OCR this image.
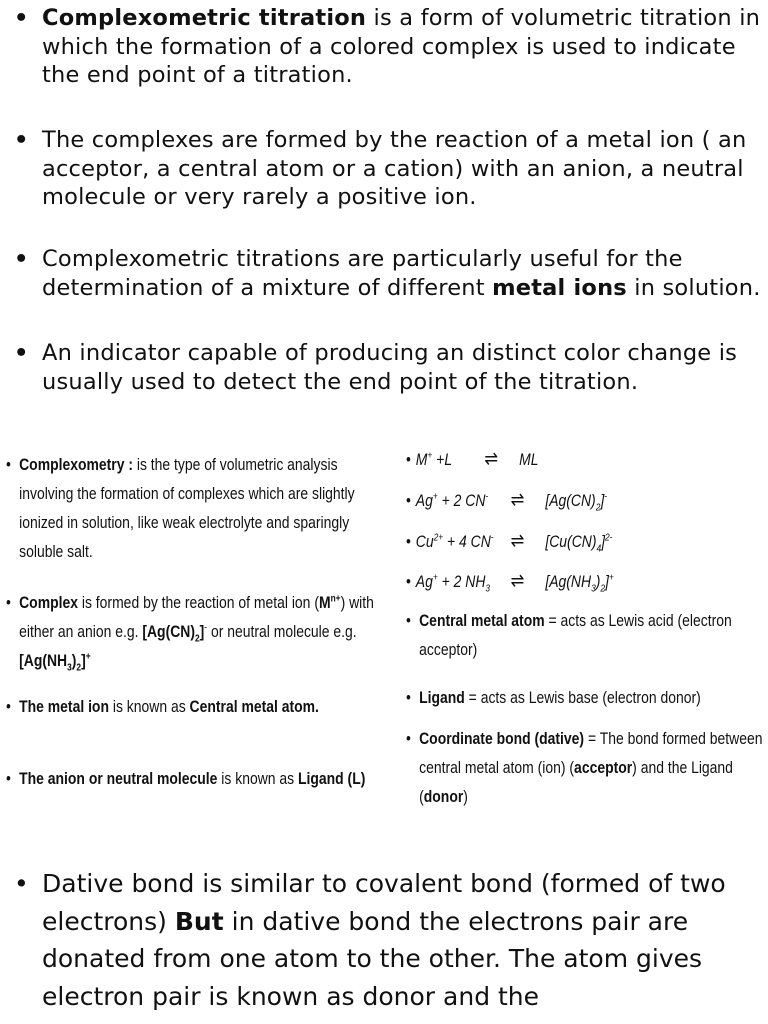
• Complexometric titration is a form of volumetric titration in which the formation of a colored complex is used to indicate the end point of a titration.
• The complexes are formed by the reaction of a metal ion ( an acceptor, a central atom or a cation) with an anion, a neutral molecule or very rarely a positive ion.
• Complexometric titrations are particularly useful for the determination of a mixture of different metal ions in solution.
• An indicator capable of producing an distinct color change is usually used to detect the end point of the titration.
• Complexometry : is the type of volumetric analysis involving the formation of complexes which are slightly ionized in solution, like weak electrolyte and sparingly soluble salt.
• Complex is formed by the reaction of metal ion $(M^{n+})$ with either an anion e.g. $[Ag(CN)_2]^-$ or neutral molecule e.g. $[Ag(NH_3)_2]^+$
• The metal ion is known as Central metal atom.
• The anion or neutral molecule is known as Ligand (L)
• M+ +L ⇌ ML
• Ag+ + 2 CN- ⇌ $[Ag(CN)_2]^-$
• $Cu^{2+} + 4$ CN- ⇌ $[Cu(CN)_4]^{2-}$
• Ag+ + 2 $NH_3$ ⇌ $[Ag(NH_3)_2]^+$
• Central metal atom = acts as Lewis acid (electron acceptor)
• Ligand = acts as Lewis base (electron donor)
• Coordinate bond (dative) = The bond formed between central metal atom (ion) (acceptor) and the Ligand (donor)
• Dative bond is similar to covalent bond (formed of two electrons) But in dative bond the electrons pair are donated from one atom to the other. The atom gives electron pair is known as donor and the
